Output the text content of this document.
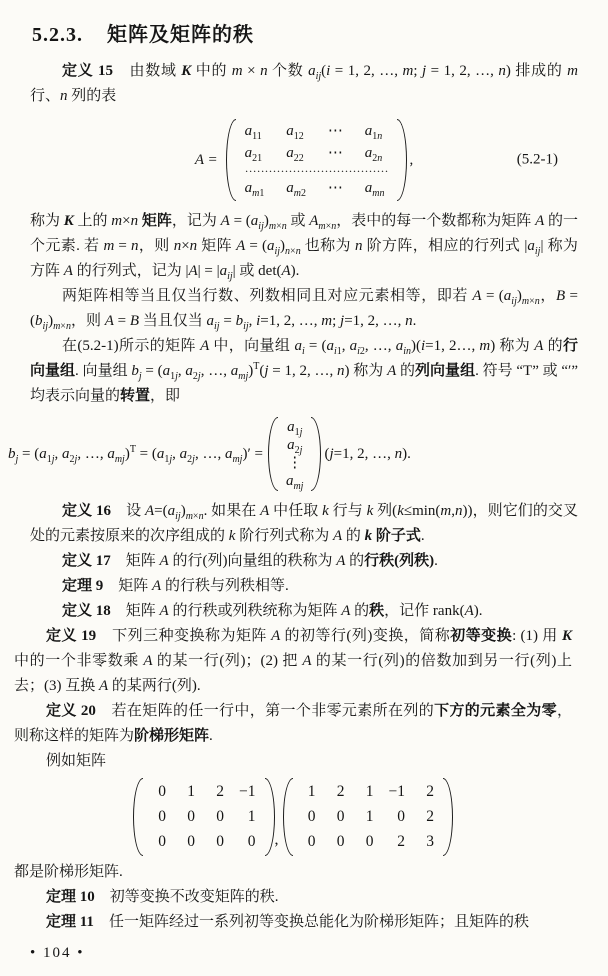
5.2.3. 矩阵及矩阵的秩

定义 15　由数域 K 中的 m × n 个数 $a_{ij}(i = 1$, 2, …, m; j = 1, 2, …, n) 排成的 m 行、n 列的表

A =
$a_{11}$	$a_{12}$	⋯ $a_{1n}$
$a_{21}$	$a_{22}$	⋯ $a_{2n}$
····································
$a_{m1}$ $a_{m2}$ ⋯ $a_{mn}$
,	(5.2-1)

称为 K 上的 m×n 矩阵，记为 $A = (a_{ij})_{m\times n}$ 或 $A_{m\times n}$，表中的每一个数都称为矩阵 A 的一个元素. 若 m = n，则 n×n 矩阵 $A = (a_{ij})_{n\times n}$ 也称为 n 阶方阵，相应的行列式 $|a_{ij}|$ 称为方阵 A 的行列式，记为 $|A| = |a_{ij}|$ 或 det(A).

两矩阵相等当且仅当行数、列数相同且对应元素相等，即若 $A = (a_{ij})_{m\times n}$，$B = (b_{ij})_{m\times n}$，则 A = B 当且仅当 $a_{ij} = b_{ij}$, i=1, 2, …, m; j=1, 2, …, n.

在(5.2-1)所示的矩阵 A 中，向量组 $a_i = (a_{i1}$, $a_{i2}$, …, $a_{in})(i=1$, 2…, m) 称为 A 的行向量组. 向量组 $b_j = (a_{1j}$, $a_{2j}$, …, $a_{mj})^T(j = 1$, 2, …, n) 称为 A 的列向量组. 符号 “T” 或 “′” 均表示向量的转置，即

$b_j = (a_{1j}$, $a_{2j}$, …, $a_{mj})^T = (a_{1j}$, $a_{2j}$, …, $a_{mj})'$ =
$a_{1j}$
$a_{2j}$
⋮
$a_{mj}$
(j=1, 2, …, n).

定义 16　设 $A=(a_{ij})_{m\times n}$. 如果在 A 中任取 k 行与 k 列(k≤min(m,n))，则它们的交叉处的元素按原来的次序组成的 k 阶行列式称为 A 的 k 阶子式.

定义 17　矩阵 A 的行(列)向量组的秩称为 A 的行秩(列秩).

定理 9　矩阵 A 的行秩与列秩相等.

定义 18　矩阵 A 的行秩或列秩统称为矩阵 A 的秩，记作 rank(A).

定义 19　下列三种变换称为矩阵 A 的初等行(列)变换，简称初等变换: (1) 用 K 中的一个非零数乘 A 的某一行(列)；(2) 把 A 的某一行(列)的倍数加到另一行(列)上去；(3) 互换 A 的某两行(列).

定义 20　若在矩阵的任一行中，第一个非零元素所在列的下方的元素全为零，则称这样的矩阵为阶梯形矩阵.

例如矩阵

0	1	2 −1
0	0	0	1
0	0	0	0 ,
1	2	1 −1	2
0	0	1	0	2
0	0	0	2	3

都是阶梯形矩阵.

定理 10　初等变换不改变矩阵的秩.

定理 11　任一矩阵经过一系列初等变换总能化为阶梯形矩阵；且矩阵的秩

• 104 •
